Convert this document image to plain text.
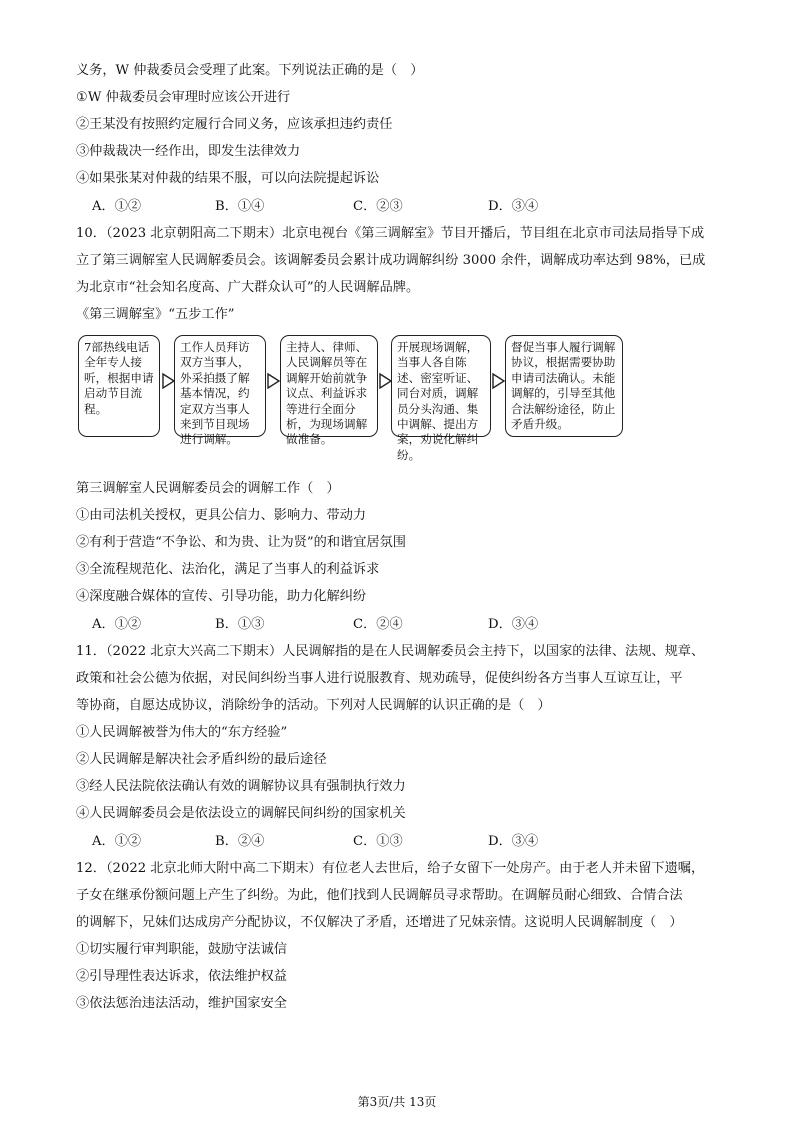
义务，W 仲裁委员会受理了此案。下列说法正确的是（　）
①W 仲裁委员会审理时应该公开进行
②王某没有按照约定履行合同义务，应该承担违约责任
③仲裁裁决一经作出，即发生法律效力
④如果张某对仲裁的结果不服，可以向法院提起诉讼
A．①②	B．①④	C．②③	D．③④
10．（2023 北京朝阳高二下期末）北京电视台《第三调解室》节目开播后，节目组在北京市司法局指导下成
立了第三调解室人民调解委员会。该调解委员会累计成功调解纠纷 3000 余件，调解成功率达到 98%，已成
为北京市“社会知名度高、广大群众认可”的人民调解品牌。
《第三调解室》“五步工作”
7部热线电话全年专人接听，根据申请启动节目流程。
工作人员拜访双方当事人，外采拍摄了解基本情况，约定双方当事人来到节目现场进行调解。
主持人、律师、人民调解员等在调解开始前就争议点、利益诉求等进行全面分析，为现场调解做准备。
开展现场调解，当事人各自陈述、密室听证、同台对质，调解员分头沟通、集中调解、提出方案，劝说化解纠纷。
督促当事人履行调解协议，根据需要协助申请司法确认。未能调解的，引导至其他合法解纷途径，防止矛盾升级。
第三调解室人民调解委员会的调解工作（　）
①由司法机关授权，更具公信力、影响力、带动力
②有利于营造“不争讼、和为贵、让为贤”的和谐宜居氛围
③全流程规范化、法治化，满足了当事人的利益诉求
④深度融合媒体的宣传、引导功能，助力化解纠纷
A．①②	B．①③	C．②④	D．③④
11．（2022 北京大兴高二下期末）人民调解指的是在人民调解委员会主持下，以国家的法律、法规、规章、
政策和社会公德为依据，对民间纠纷当事人进行说服教育、规劝疏导，促使纠纷各方当事人互谅互让，平
等协商，自愿达成协议，消除纷争的活动。下列对人民调解的认识正确的是（　）
①人民调解被誉为伟大的“东方经验”
②人民调解是解决社会矛盾纠纷的最后途径
③经人民法院依法确认有效的调解协议具有强制执行效力
④人民调解委员会是依法设立的调解民间纠纷的国家机关
A．①②	B．②④	C．①③	D．③④
12．（2022 北京北师大附中高二下期末）有位老人去世后，给子女留下一处房产。由于老人并未留下遗嘱，
子女在继承份额问题上产生了纠纷。为此，他们找到人民调解员寻求帮助。在调解员耐心细致、合情合法
的调解下，兄妹们达成房产分配协议，不仅解决了矛盾，还增进了兄妹亲情。这说明人民调解制度（　）
①切实履行审判职能，鼓励守法诚信
②引导理性表达诉求，依法维护权益
③依法惩治违法活动，维护国家安全
第3页/共 13页
